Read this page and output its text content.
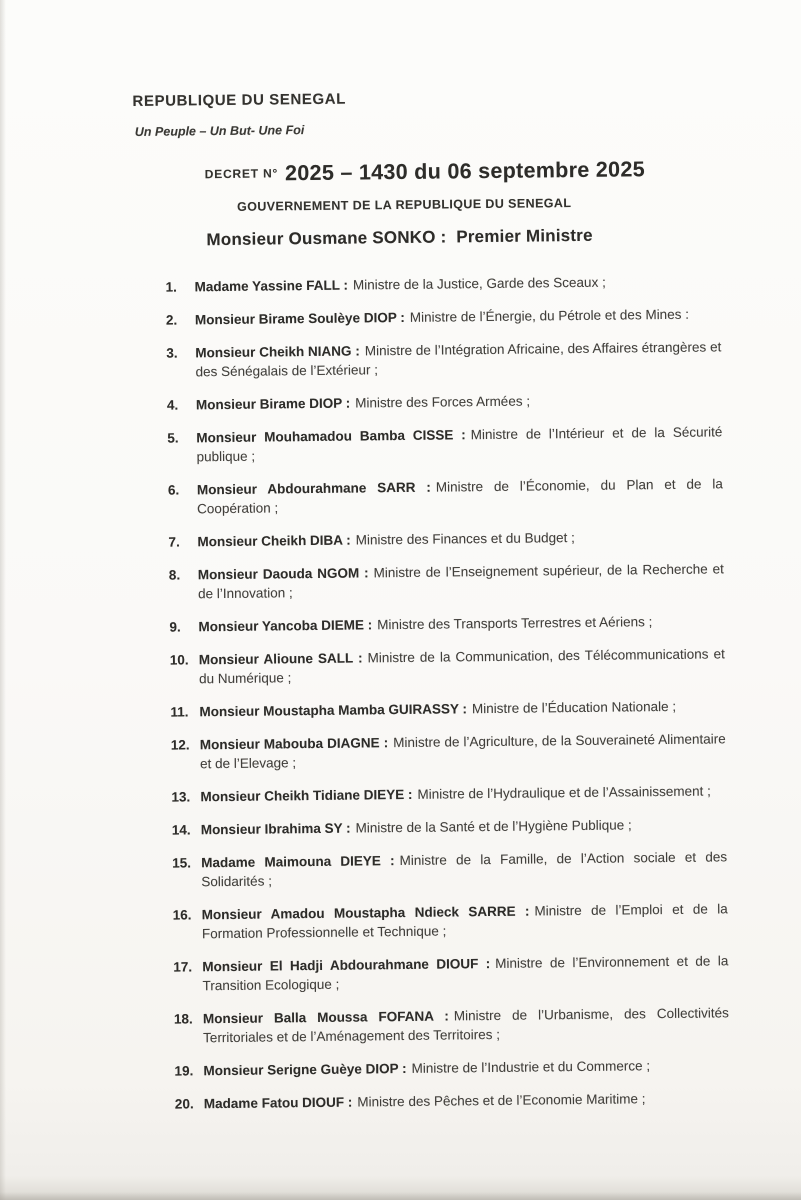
REPUBLIQUE DU SENEGAL
Un Peuple – Un But- Une Foi
DECRET N° 2025 – 1430 du 06 septembre 2025
GOUVERNEMENT DE LA REPUBLIQUE DU SENEGAL
Monsieur Ousmane SONKO :  Premier Ministre
1.	Madame Yassine FALL : Ministre de la Justice, Garde des Sceaux ;
2.	Monsieur Birame Soulèye DIOP : Ministre de l’Énergie, du Pétrole et des Mines :
3.	Monsieur Cheikh NIANG : Ministre de l’Intégration Africaine, des Affaires étrangères et des Sénégalais de l’Extérieur ;
4.	Monsieur Birame DIOP : Ministre des Forces Armées ;
5.	Monsieur Mouhamadou Bamba CISSE : Ministre de l’Intérieur et de la Sécurité publique ;
6.	Monsieur Abdourahmane SARR : Ministre de l’Économie, du Plan et de la Coopération ;
7.	Monsieur Cheikh DIBA : Ministre des Finances et du Budget ;
8.	Monsieur Daouda NGOM : Ministre de l’Enseignement supérieur, de la Recherche et de l’Innovation ;
9.	Monsieur Yancoba DIEME : Ministre des Transports Terrestres et Aériens ;
10. Monsieur Alioune SALL : Ministre de la Communication, des Télécommunications et du Numérique ;
11. Monsieur Moustapha Mamba GUIRASSY : Ministre de l’Éducation Nationale ;
12. Monsieur Mabouba DIAGNE : Ministre de l’Agriculture, de la Souveraineté Alimentaire et de l’Elevage ;
13. Monsieur Cheikh Tidiane DIEYE : Ministre de l’Hydraulique et de l’Assainissement ;
14. Monsieur Ibrahima SY : Ministre de la Santé et de l’Hygiène Publique ;
15. Madame Maimouna DIEYE : Ministre de la Famille, de l’Action sociale et des Solidarités ;
16. Monsieur Amadou Moustapha Ndieck SARRE : Ministre de l’Emploi et de la Formation Professionnelle et Technique ;
17. Monsieur El Hadji Abdourahmane DIOUF : Ministre de l’Environnement et de la Transition Ecologique ;
18. Monsieur Balla Moussa FOFANA : Ministre de l’Urbanisme, des Collectivités Territoriales et de l’Aménagement des Territoires ;
19. Monsieur Serigne Guèye DIOP : Ministre de l’Industrie et du Commerce ;
20. Madame Fatou DIOUF : Ministre des Pêches et de l’Economie Maritime ;
